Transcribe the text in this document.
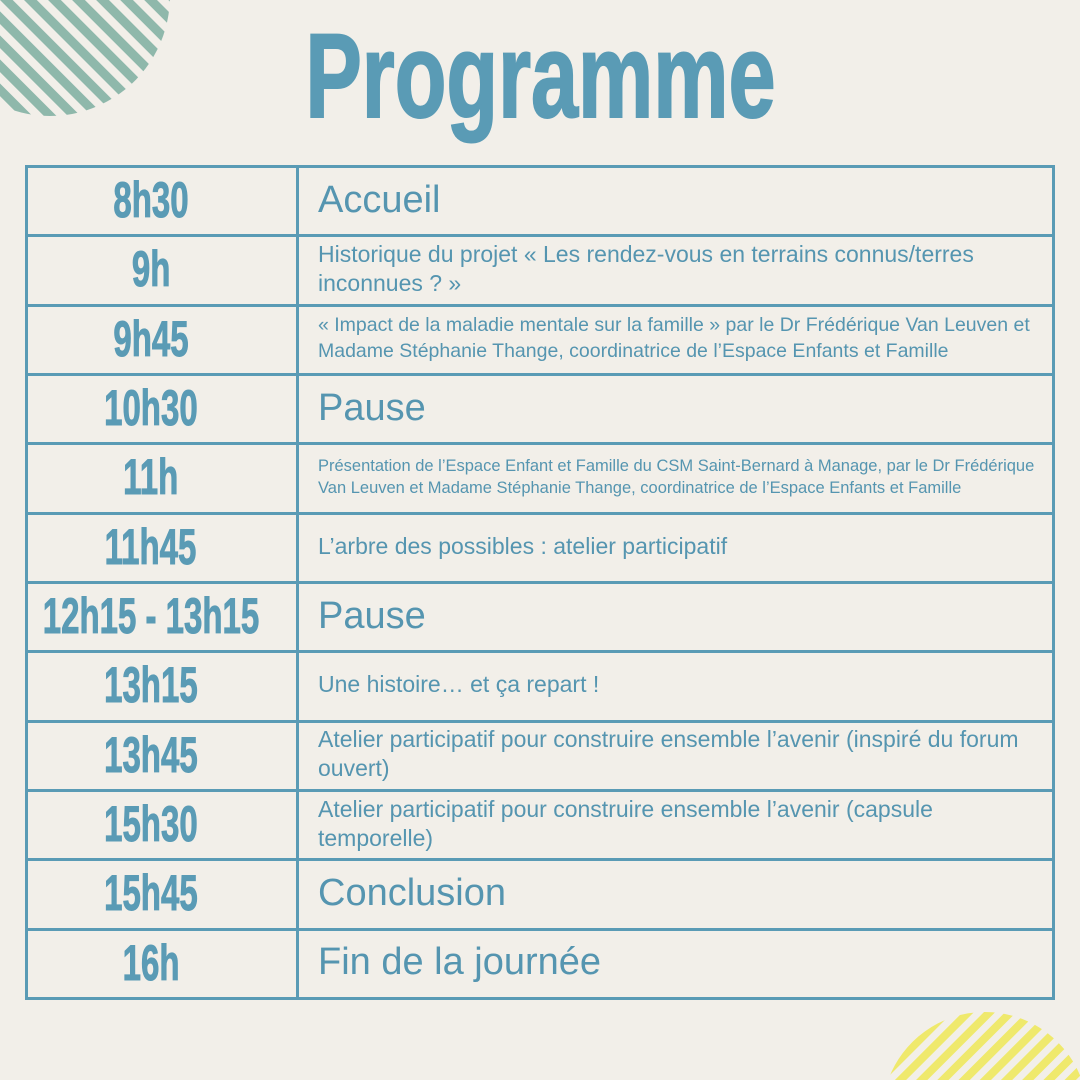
Programme
8h30	Accueil
9h	Historique du projet « Les rendez-vous en terrains connus/terres
inconnues ? »
9h45	« Impact de la maladie mentale sur la famille » par le Dr Frédérique Van Leuven et
Madame Stéphanie Thange, coordinatrice de l’Espace Enfants et Famille
10h30	Pause
11h	Présentation de l’Espace Enfant et Famille du CSM Saint-Bernard à Manage, par le Dr Frédérique
Van Leuven et Madame Stéphanie Thange, coordinatrice de l’Espace Enfants et Famille
11h45	L’arbre des possibles : atelier participatif
12h15 - 13h15 Pause
13h15	Une histoire… et ça repart !
13h45	Atelier participatif pour construire ensemble l’avenir (inspiré du forum
ouvert)
15h30	Atelier participatif pour construire ensemble l’avenir (capsule
temporelle)
15h45	Conclusion
16h	Fin de la journée
